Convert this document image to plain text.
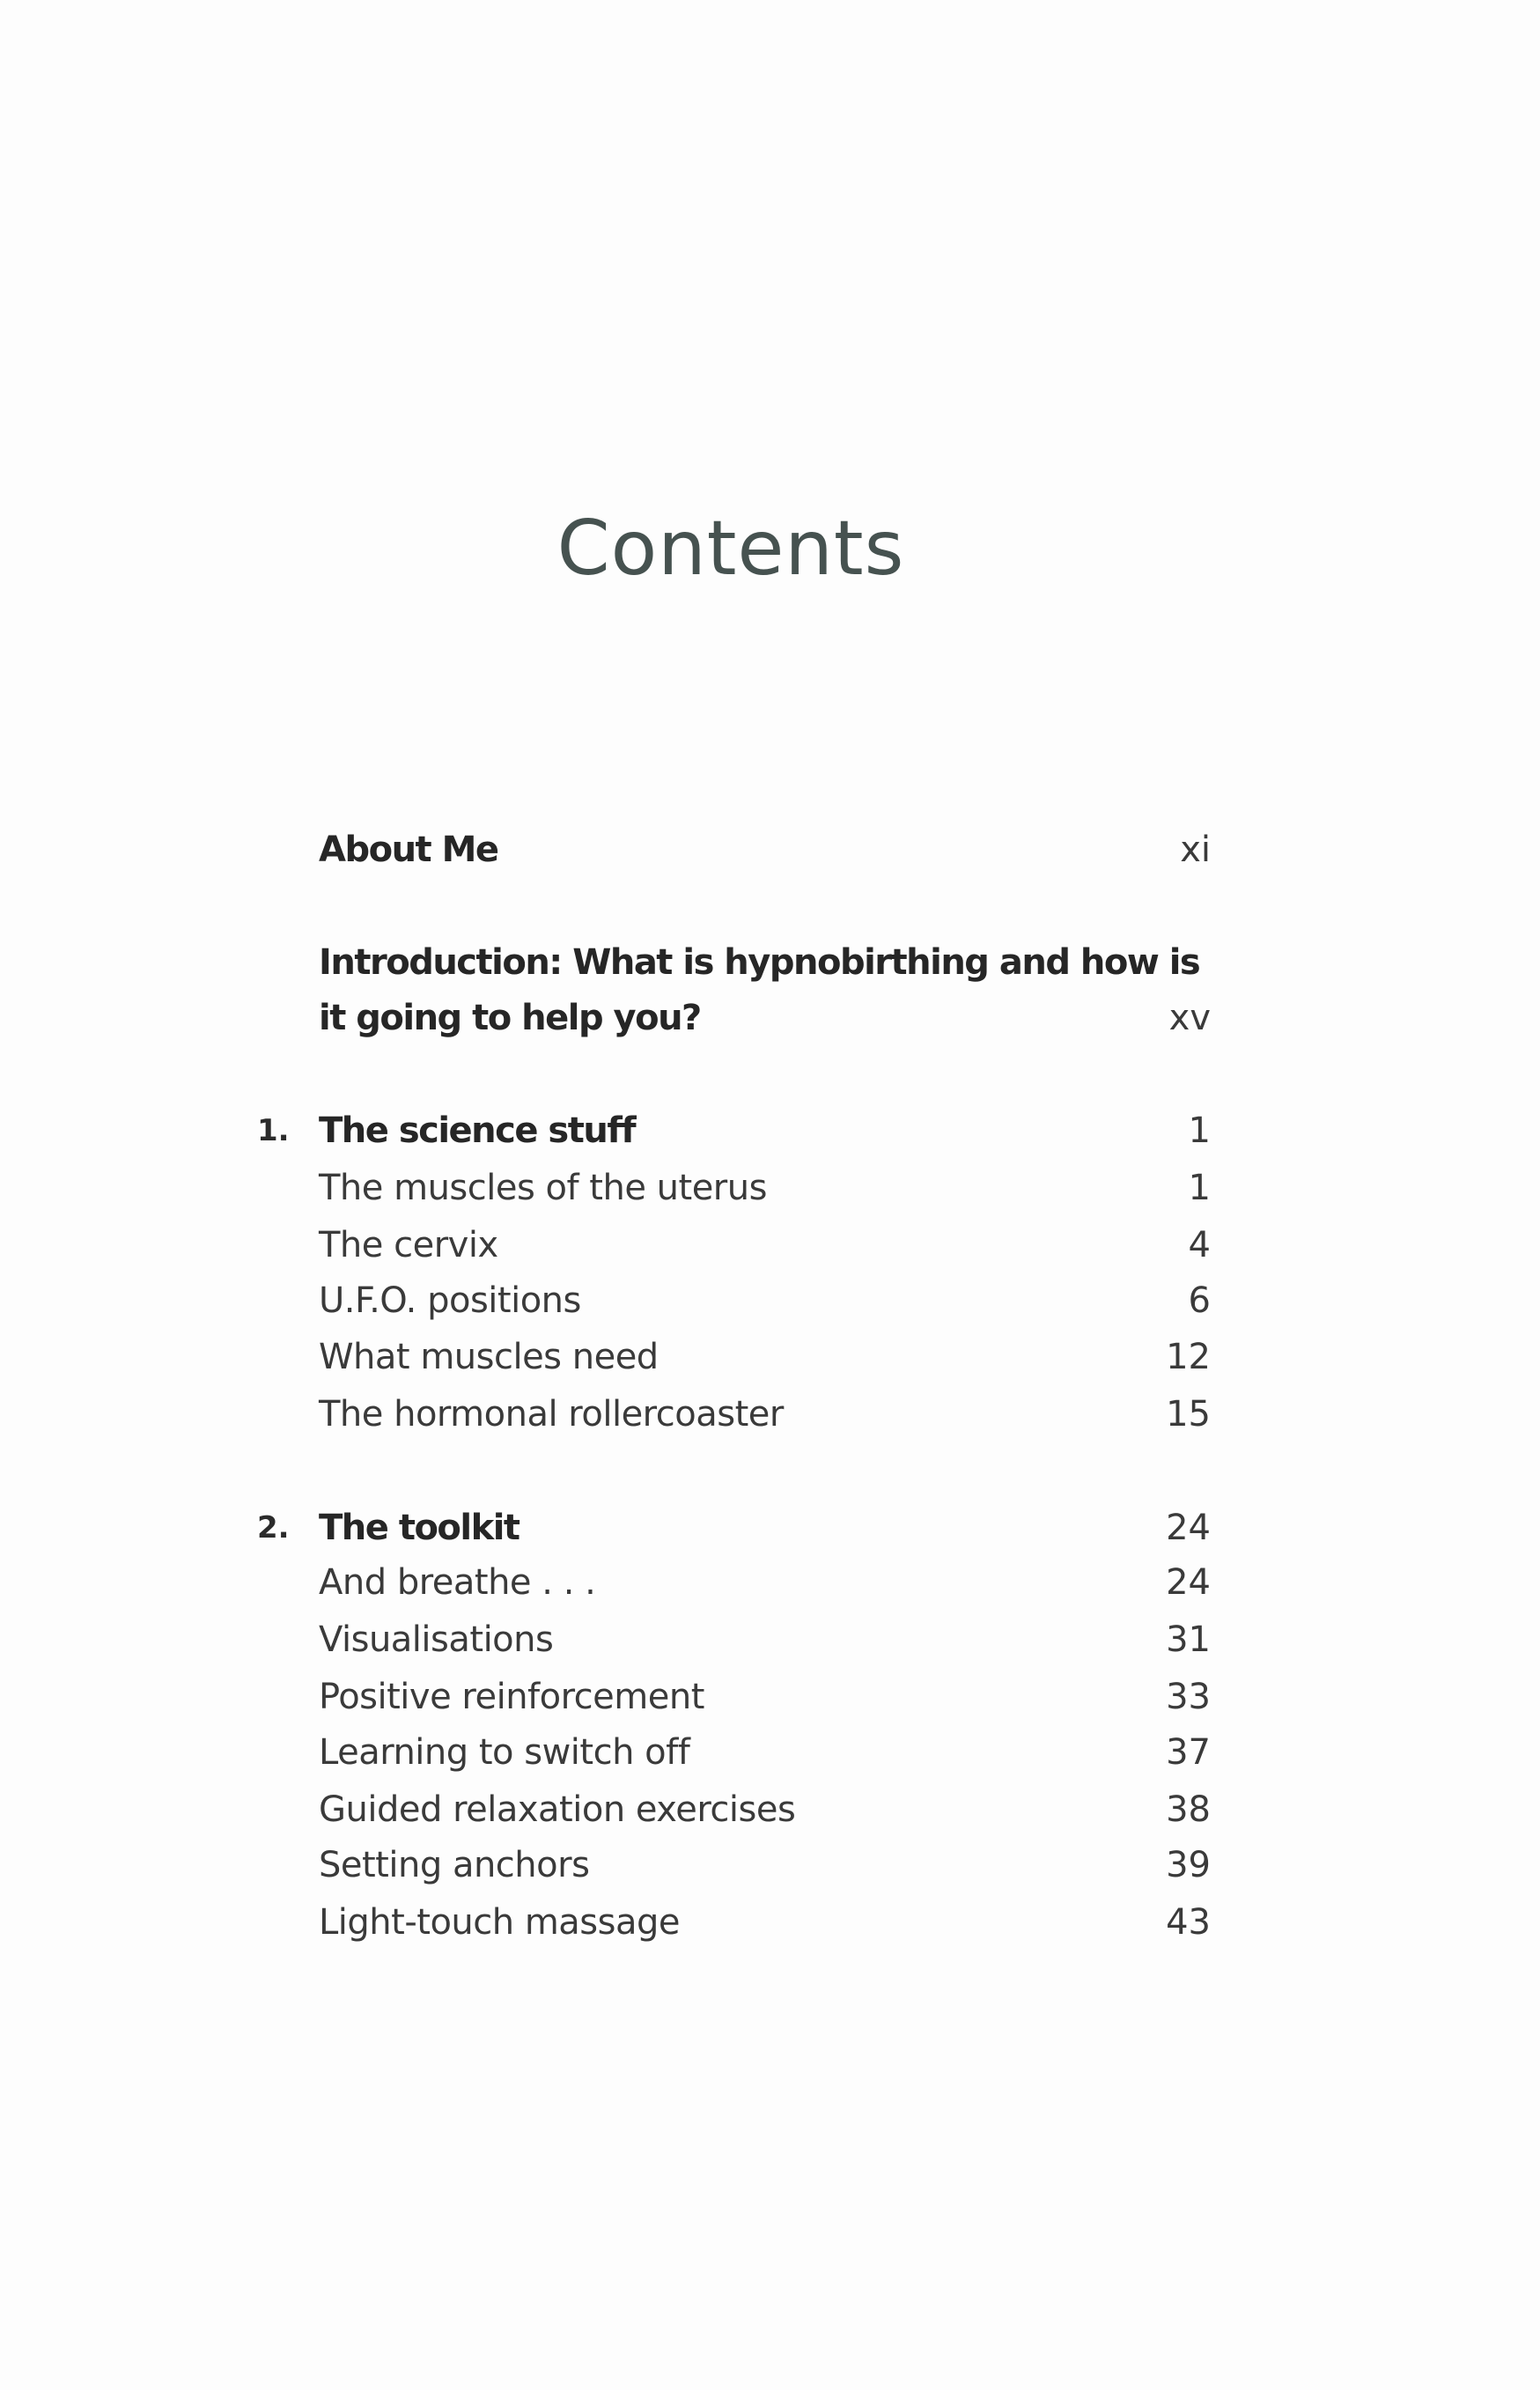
Contents
About Me	xi
Introduction: What is hypnobirthing and how is
it going to help you?	xv
1. The science stuff	1
The muscles of the uterus	1
The cervix	4
U.F.O. positions	6
What muscles need	12
The hormonal rollercoaster	15
2. The toolkit	24
And breathe . . .	24
Visualisations	31
Positive reinforcement	33
Learning to switch off	37
Guided relaxation exercises	38
Setting anchors	39
Light-touch massage	43
